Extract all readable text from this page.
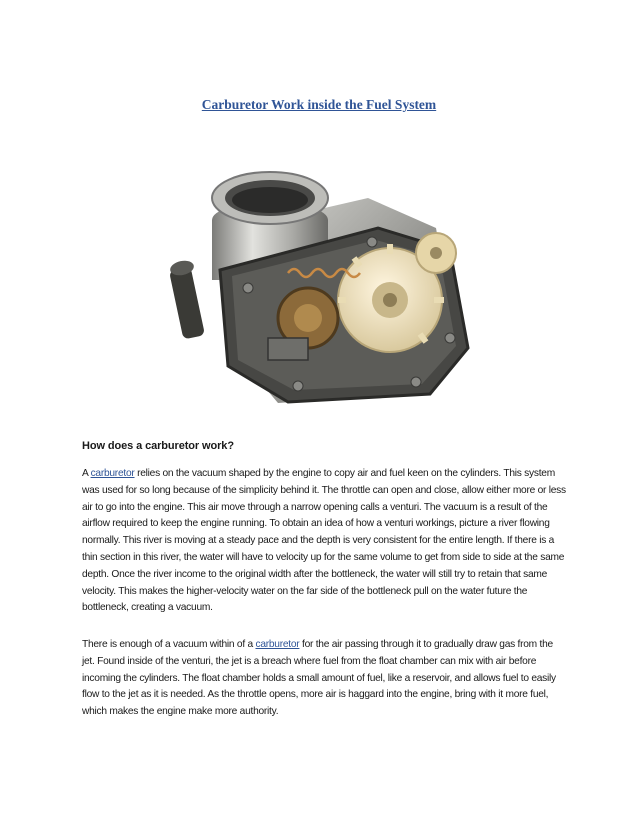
Carburetor Work inside the Fuel System
How does a carburetor work?

A carburetor relies on the vacuum shaped by the engine to copy air and fuel keen on the cylinders. This system was used for so long because of the simplicity behind it. The throttle can open and close, allow either more or less air to go into the engine. This air move through a narrow opening calls a venturi. The vacuum is a result of the airflow required to keep the engine running. To obtain an idea of how a venturi workings, picture a river flowing normally. This river is moving at a steady pace and the depth is very consistent for the entire length. If there is a thin section in this river, the water will have to velocity up for the same volume to get from side to side at the same depth. Once the river income to the original width after the bottleneck, the water will still try to retain that same velocity. This makes the higher-velocity water on the far side of the bottleneck pull on the water future the bottleneck, creating a vacuum.

There is enough of a vacuum within of a carburetor for the air passing through it to gradually draw gas from the jet. Found inside of the venturi, the jet is a breach where fuel from the float chamber can mix with air before incoming the cylinders. The float chamber holds a small amount of fuel, like a reservoir, and allows fuel to easily flow to the jet as it is needed. As the throttle opens, more air is haggard into the engine, bring with it more fuel, which makes the engine make more authority.
